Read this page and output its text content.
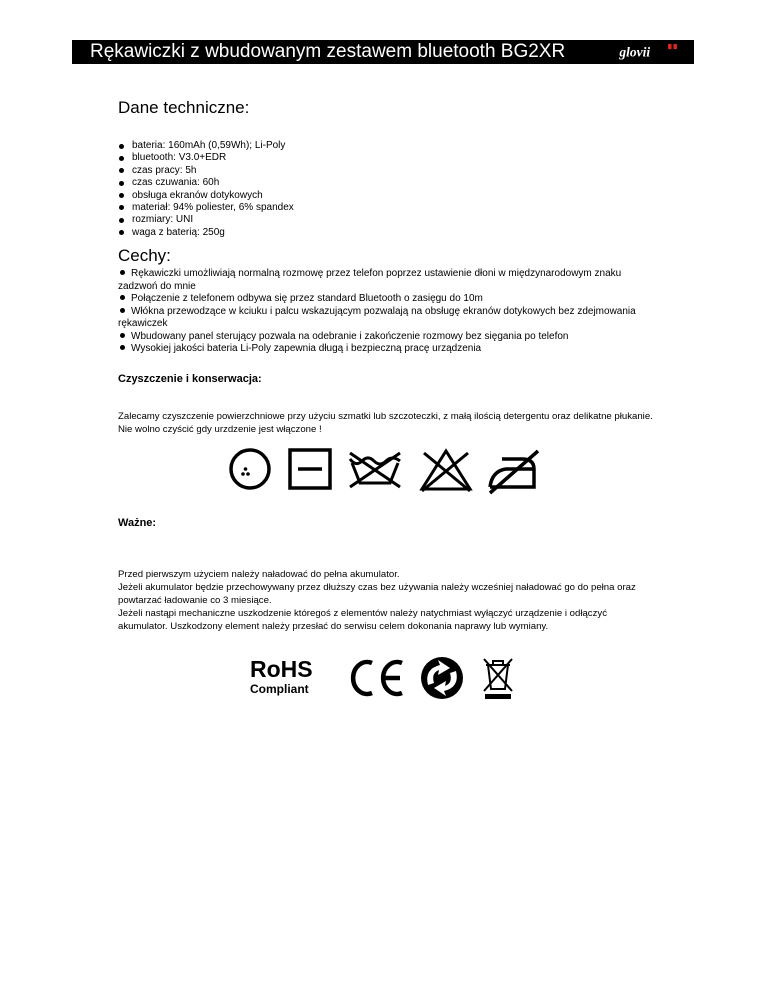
Rękawiczki z wbudowanym zestawem bluetooth BG2XR	glovii
Dane techniczne:
bateria: 160mAh (0,59Wh); Li-Poly
bluetooth: V3.0+EDR
czas pracy: 5h
czas czuwania: 60h
obsługa ekranów dotykowych
materiał: 94% poliester, 6% spandex
rozmiary: UNI
waga z baterią: 250g
Cechy:
Rękawiczki umożliwiają normalną rozmowę przez telefon poprzez ustawienie dłoni w międzynarodowym znaku zadzwoń do mnie
Połączenie z telefonem odbywa się przez standard Bluetooth o zasięgu do 10m
Włókna przewodzące w kciuku i palcu wskazującym pozwalają na obsługę ekranów dotykowych bez zdejmowania rękawiczek
Wbudowany panel sterujący pozwala na odebranie i zakończenie rozmowy bez sięgania po telefon
Wysokiej jakości bateria Li-Poly zapewnia długą i bezpieczną pracę urządzenia
Czyszczenie i konserwacja:
Zalecamy czyszczenie powierzchniowe przy użyciu szmatki lub szczoteczki, z małą ilością detergentu oraz delikatne płukanie. Nie wolno czyścić gdy urzdzenie jest włączone !
Ważne:
Przed pierwszym użyciem należy naładować do pełna akumulator.
Jeżeli akumulator będzie przechowywany przez dłuższy czas bez używania należy wcześniej naładować go do pełna oraz powtarzać ładowanie co 3 miesiące.
Jeżeli nastąpi mechaniczne uszkodzenie któregoś z elementów należy natychmiast wyłączyć urządzenie i odłączyć akumulator. Uszkodzony element należy przesłać do serwisu celem dokonania naprawy lub wymiany.
RoHS
Compliant
